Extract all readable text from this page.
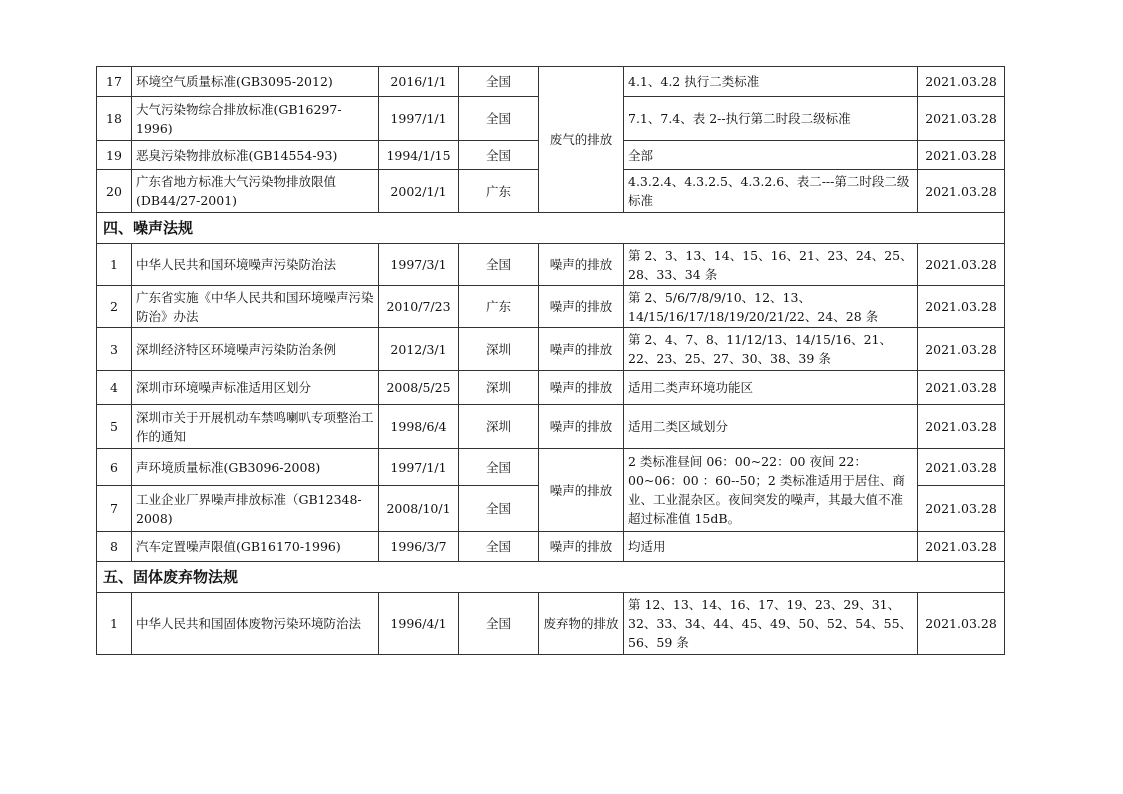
17	环境空气质量标准(GB3095-2012)	2016/1/1	全国	废气的排放	4.1、4.2 执行二类标准	2021.03.28
18	大气污染物综合排放标准(GB16297-1996)	1997/1/1	全国		7.1、7.4、表 2--执行第二时段二级标准	2021.03.28
19	恶臭污染物排放标准(GB14554-93)	1994/1/15	全国		全部	2021.03.28
20	广东省地方标准大气污染物排放限值(DB44/27-2001)	2002/1/1	广东		4.3.2.4、4.3.2.5、4.3.2.6、表二---第二时段二级标准	2021.03.28
四、噪声法规						
1	中华人民共和国环境噪声污染防治法	1997/3/1	全国	噪声的排放	第 2、3、13、14、15、16、21、23、24、25、28、33、34 条	2021.03.28
2	广东省实施《中华人民共和国环境噪声污染防治》办法	2010/7/23	广东	噪声的排放	第 2、5/6/7/8/9/10、12、13、14/15/16/17/18/19/20/21/22、24、28 条	2021.03.28
3	深圳经济特区环境噪声污染防治条例	2012/3/1	深圳	噪声的排放	第 2、4、7、8、11/12/13、14/15/16、21、22、23、25、27、30、38、39 条	2021.03.28
4	深圳市环境噪声标准适用区划分	2008/5/25	深圳	噪声的排放	适用二类声环境功能区	2021.03.28
5	深圳市关于开展机动车禁鸣喇叭专项整治工作的通知	1998/6/4	深圳	噪声的排放	适用二类区域划分	2021.03.28
6	声环境质量标准(GB3096-2008)	1997/1/1	全国	噪声的排放	2 类标准昼间 06：00~22：00 夜间 22：00~06：00 ：60--50；2 类标准适用于居住、商业、工业混杂区。夜间突发的噪声，其最大值不准超过标准值 15dB。	2021.03.28
7	工业企业厂界噪声排放标准（GB12348-2008)	2008/10/1	全国			2021.03.28
8	汽车定置噪声限值(GB16170-1996)	1996/3/7	全国	噪声的排放	均适用	2021.03.28
五、固体废弃物法规						
1	中华人民共和国固体废物污染环境防治法	1996/4/1	全国	废弃物的排放	第 12、13、14、16、17、19、23、29、31、32、33、34、44、45、49、50、52、54、55、56、59 条	2021.03.28
